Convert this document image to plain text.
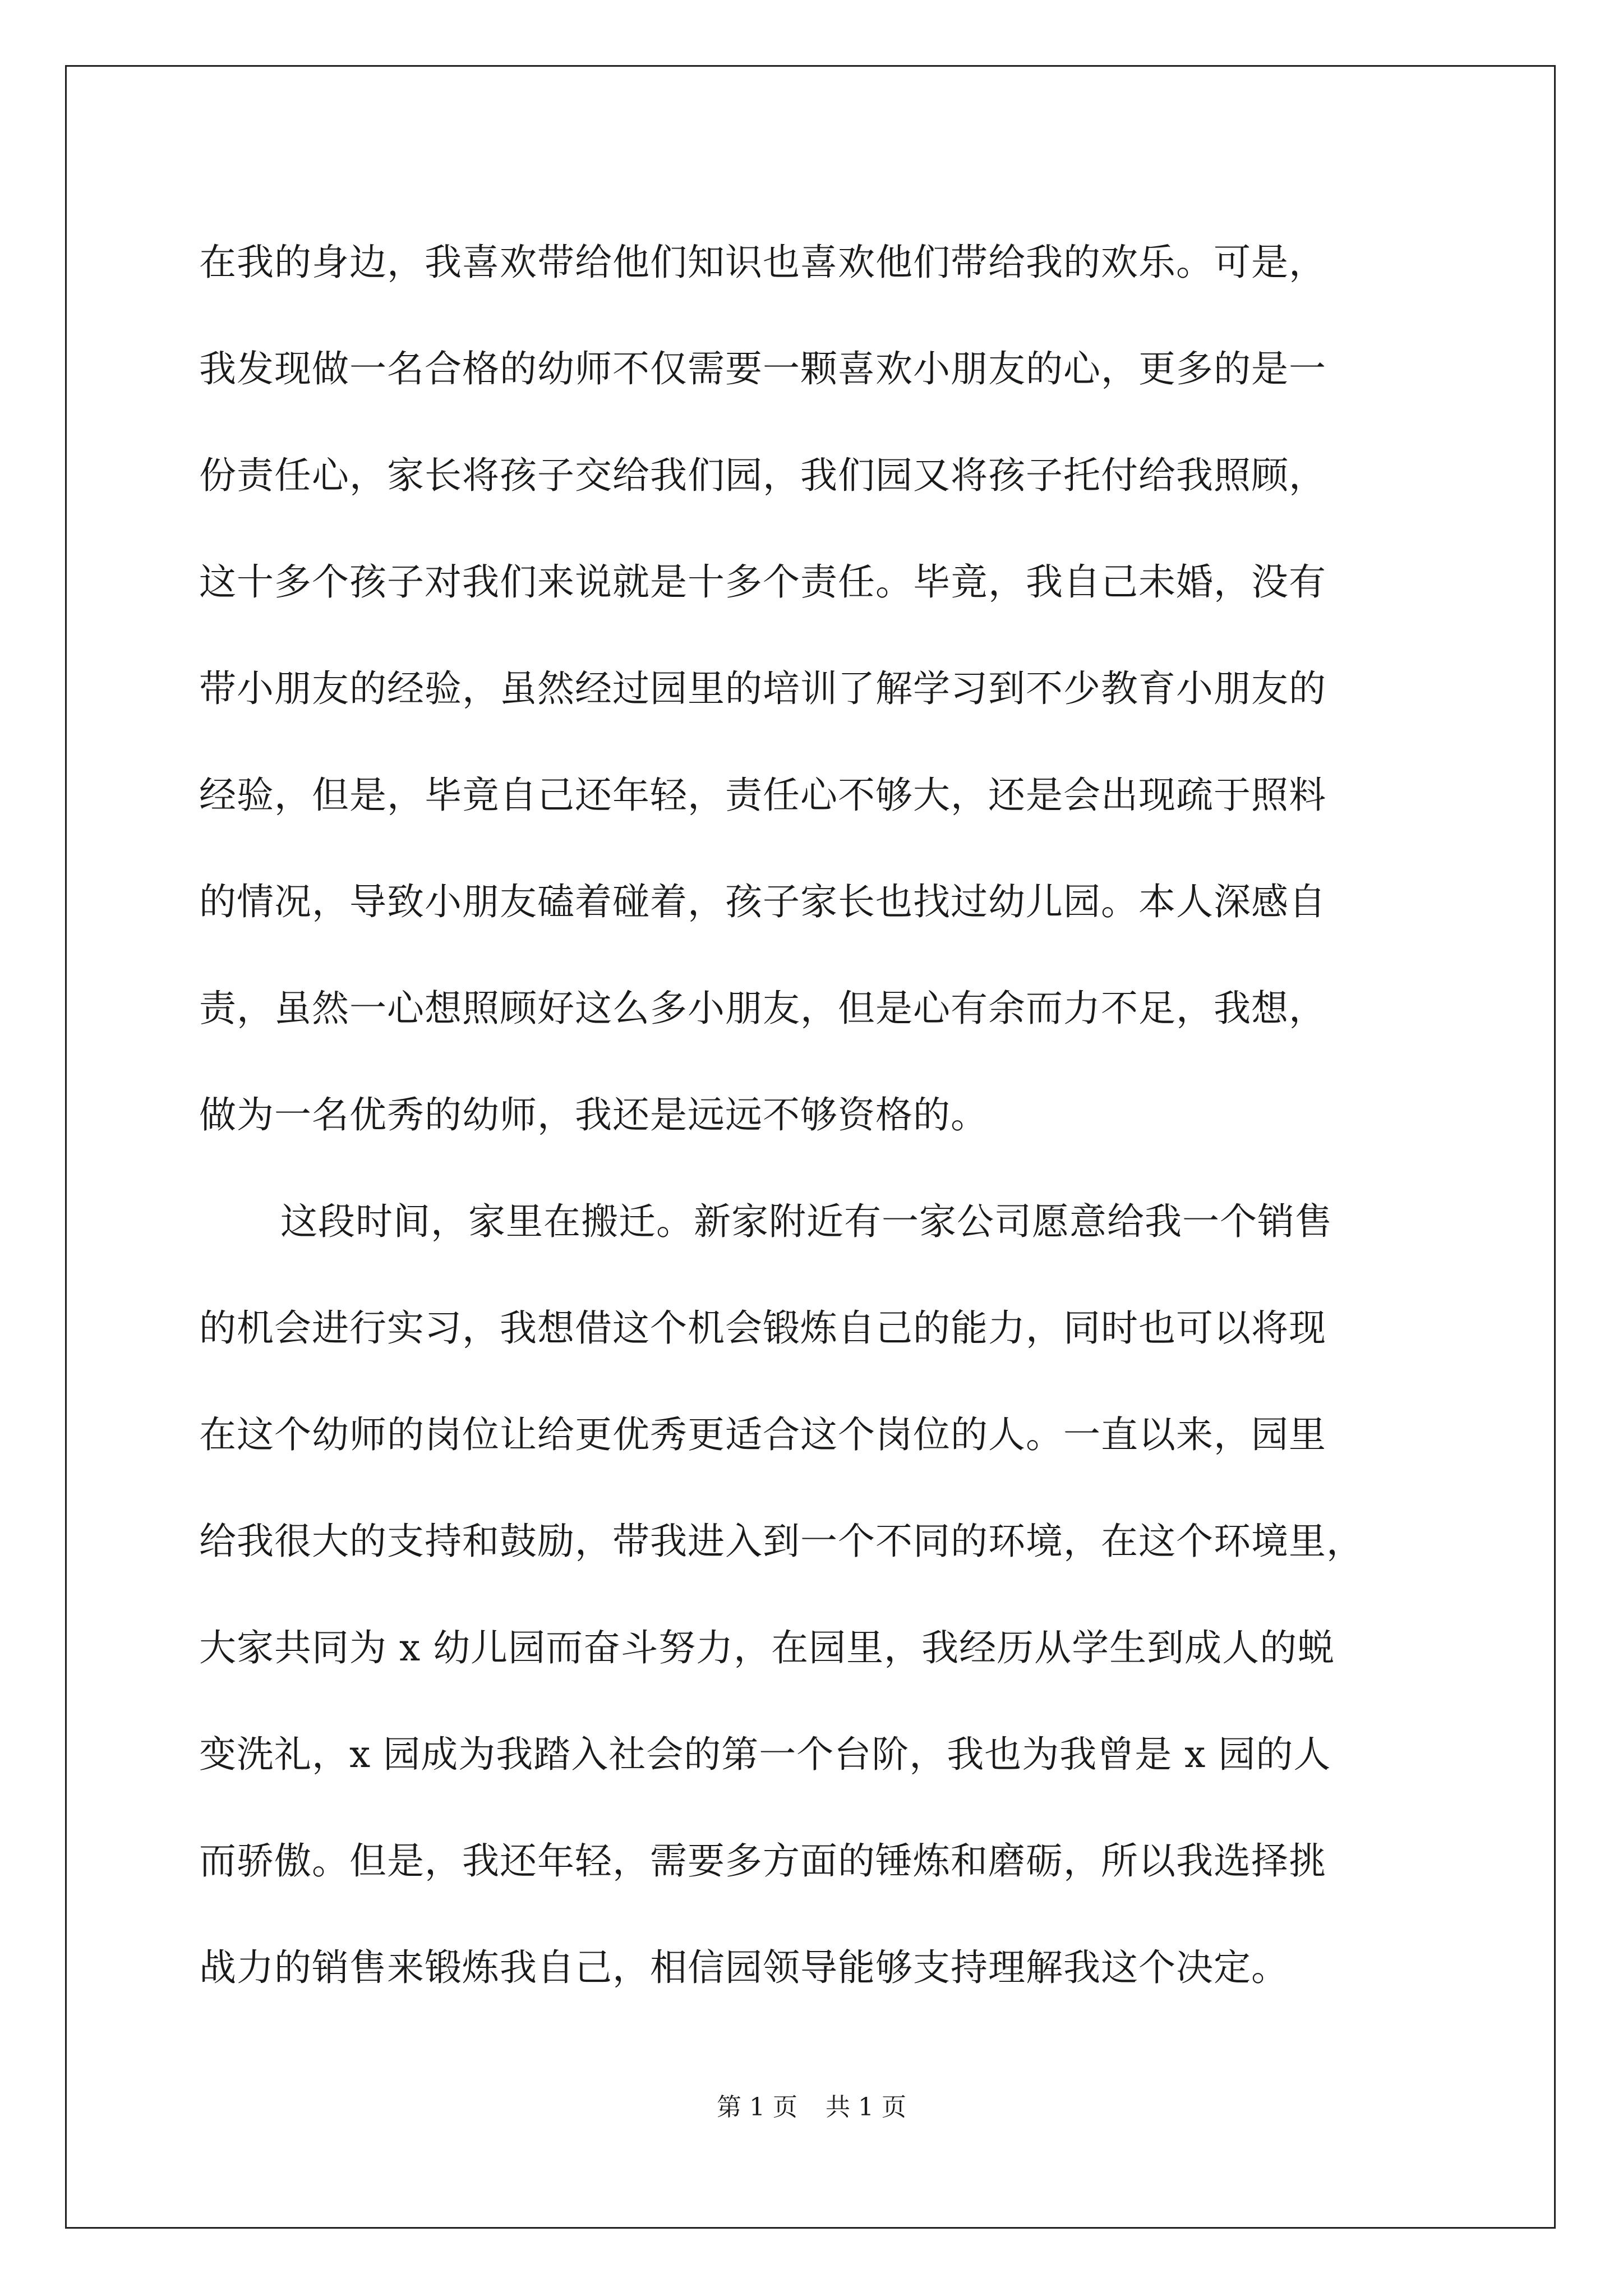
在我的身边，我喜欢带给他们知识也喜欢他们带给我的欢乐。可是，
我发现做一名合格的幼师不仅需要一颗喜欢小朋友的心，更多的是一
份责任心，家长将孩子交给我们园，我们园又将孩子托付给我照顾，
这十多个孩子对我们来说就是十多个责任。毕竟，我自己未婚，没有
带小朋友的经验，虽然经过园里的培训了解学习到不少教育小朋友的
经验，但是，毕竟自己还年轻，责任心不够大，还是会出现疏于照料
的情况，导致小朋友磕着碰着，孩子家长也找过幼儿园。本人深感自
责，虽然一心想照顾好这么多小朋友，但是心有余而力不足，我想，
做为一名优秀的幼师，我还是远远不够资格的。
这段时间，家里在搬迁。新家附近有一家公司愿意给我一个销售
的机会进行实习，我想借这个机会锻炼自己的能力，同时也可以将现
在这个幼师的岗位让给更优秀更适合这个岗位的人。一直以来，园里
给我很大的支持和鼓励，带我进入到一个不同的环境，在这个环境里，
大家共同为 x 幼儿园而奋斗努力，在园里，我经历从学生到成人的蜕
变洗礼，x 园成为我踏入社会的第一个台阶，我也为我曾是 x 园的人
而骄傲。但是，我还年轻，需要多方面的锤炼和磨砺，所以我选择挑
战力的销售来锻炼我自己，相信园领导能够支持理解我这个决定。
第 1 页 共 1 页
